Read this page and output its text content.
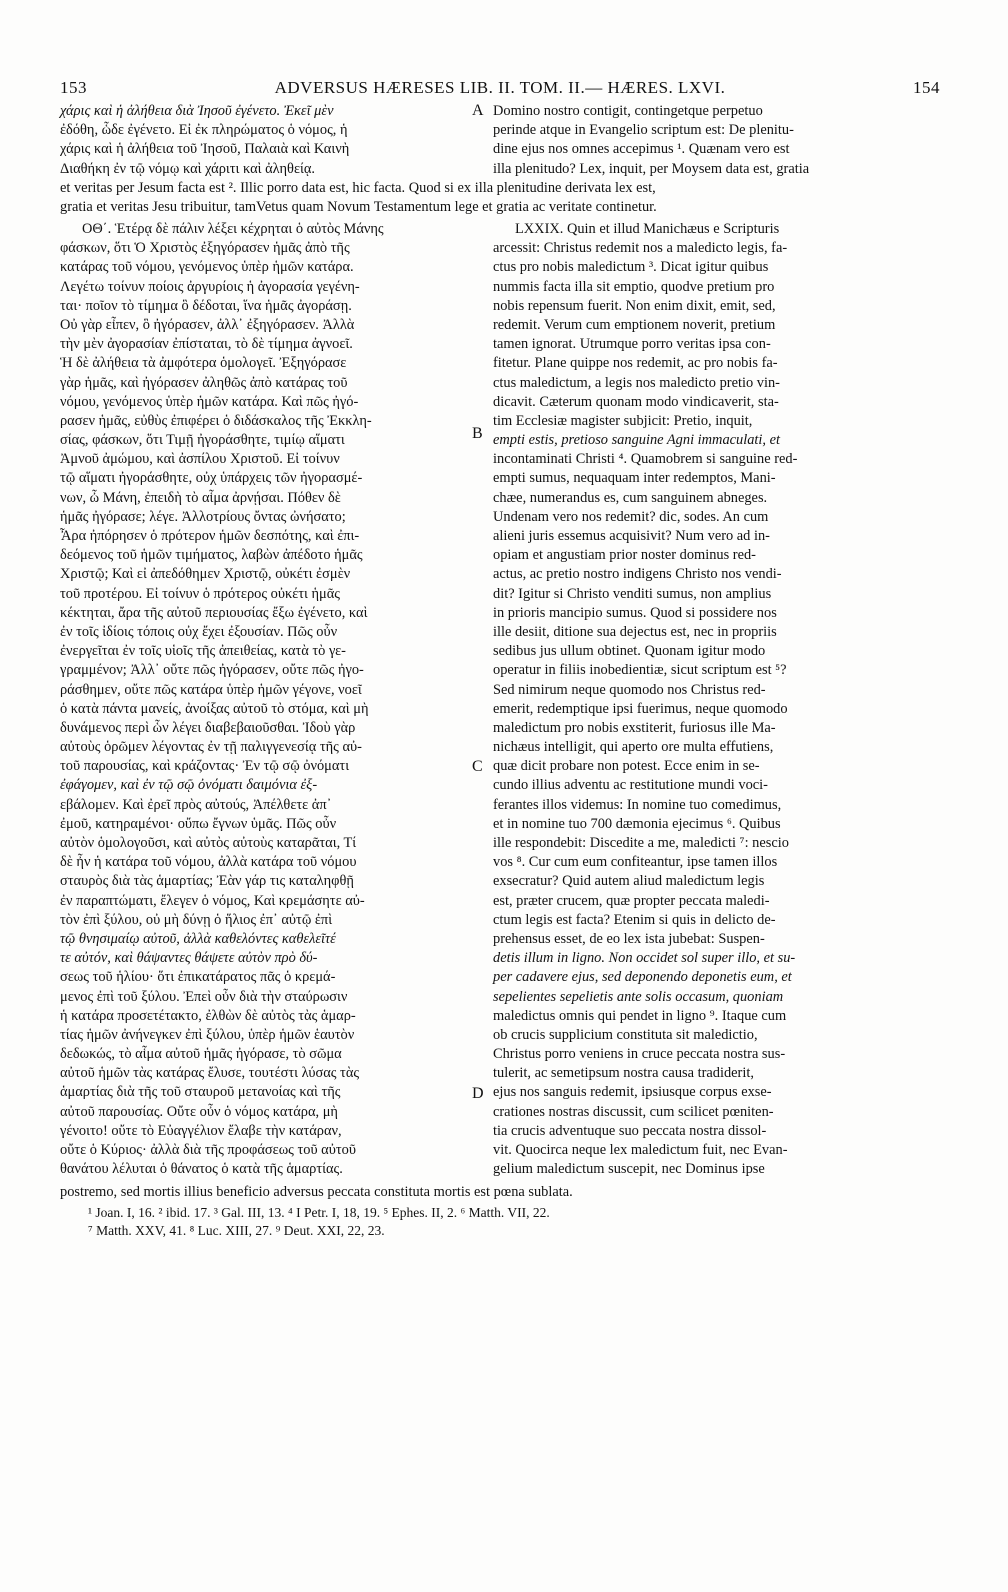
153	ADVERSUS HÆRESES LIB. II. TOM. II.— HÆRES. LXVI.	154
χάρις καὶ ἡ ἀλήθεια διὰ Ἰησοῦ ἐγένετο. Ἐκεῖ μὲν
ἐδόθη, ὧδε ἐγένετο. Εἰ ἐκ πληρώματος ὁ νόμος, ἡ
χάρις καὶ ἡ ἀλήθεια τοῦ Ἰησοῦ, Παλαιὰ καὶ Καινὴ
Διαθήκη ἐν τῷ νόμῳ καὶ χάριτι καὶ ἀληθείᾳ.
A Domino nostro contigit, contingetque perpetuo
perinde atque in Evangelio scriptum est: De plenitu-
dine ejus nos omnes accepimus ¹. Quænam vero est
illa plenitudo? Lex, inquit, per Moysem data est, gratia
et veritas per Jesum facta est ². Illic porro data est, hic facta. Quod si ex illa plenitudine derivata lex est,
gratia et veritas Jesu tribuitur, tamVetus quam Novum Testamentum lege et gratia ac veritate continetur.
ΟΘ΄. Ἑτέρᾳ δὲ πάλιν λέξει κέχρηται ὁ αὐτὸς Μάνης
φάσκων, ὅτι Ὁ Χριστὸς ἐξηγόρασεν ἡμᾶς ἀπὸ τῆς
κατάρας τοῦ νόμου, γενόμενος ὑπὲρ ἡμῶν κατάρα.
Λεγέτω τοίνυν ποίοις ἀργυρίοις ἡ ἀγορασία γεγένη-
ται· ποῖον τὸ τίμημα ὃ δέδοται, ἵνα ἡμᾶς ἀγοράσῃ.
Οὐ γὰρ εἶπεν, ὃ ἠγόρασεν, ἀλλ᾽ ἐξηγόρασεν. Ἀλλὰ
τὴν μὲν ἀγορασίαν ἐπίσταται, τὸ δὲ τίμημα ἀγνοεῖ.
Ἡ δὲ ἀλήθεια τὰ ἀμφότερα ὁμολογεῖ. Ἐξηγόρασε
γὰρ ἡμᾶς, καὶ ἠγόρασεν ἀληθῶς ἀπὸ κατάρας τοῦ
νόμου, γενόμενος ὑπὲρ ἡμῶν κατάρα. Καὶ πῶς ἠγό-
ρασεν ἡμᾶς, εὐθὺς ἐπιφέρει ὁ διδάσκαλος τῆς Ἐκκλη-
σίας, φάσκων, ὅτι Τιμῇ ἠγοράσθητε, τιμίῳ αἵματι
Ἀμνοῦ ἀμώμου, καὶ ἀσπίλου Χριστοῦ. Εἰ τοίνυν
τῷ αἵματι ἠγοράσθητε, οὐχ ὑπάρχεις τῶν ἠγορασμέ-
νων, ὦ Μάνη, ἐπειδὴ τὸ αἷμα ἀρνῄσαι. Πόθεν δὲ
ἡμᾶς ἠγόρασε; λέγε. Ἀλλοτρίους ὄντας ὠνήσατο;
Ἆρα ἠπόρησεν ὁ πρότερον ἡμῶν δεσπότης, καὶ ἐπι-
δεόμενος τοῦ ἡμῶν τιμήματος, λαβὼν ἀπέδοτο ἡμᾶς
Χριστῷ; Καὶ εἰ ἀπεδόθημεν Χριστῷ, οὐκέτι ἐσμὲν
τοῦ προτέρου. Εἰ τοίνυν ὁ πρότερος οὐκέτι ἡμᾶς
κέκτηται, ἄρα τῆς αὐτοῦ περιουσίας ἔξω ἐγένετο, καὶ
ἐν τοῖς ἰδίοις τόποις οὐχ ἔχει ἐξουσίαν. Πῶς οὖν
ἐνεργεῖται ἐν τοῖς υἱοῖς τῆς ἀπειθείας, κατὰ τὸ γε-
γραμμένον; Ἀλλ᾽ οὔτε πῶς ἠγόρασεν, οὔτε πῶς ἠγο-
ράσθημεν, οὔτε πῶς κατάρα ὑπὲρ ἡμῶν γέγονε, νοεῖ
ὁ κατὰ πάντα μανείς, ἀνοίξας αὐτοῦ τὸ στόμα, καὶ μὴ
δυνάμενος περὶ ὧν λέγει διαβεβαιοῦσθαι. Ἰδοὺ γὰρ
αὐτοὺς ὁρῶμεν λέγοντας ἐν τῇ παλιγγενεσίᾳ τῆς αὐ-
τοῦ παρουσίας, καὶ κράζοντας· Ἐν τῷ σῷ ὀνόματι
ἐφάγομεν, καὶ ἐν τῷ σῷ ὀνόματι δαιμόνια ἐξ-
εβάλομεν. Καὶ ἐρεῖ πρὸς αὐτούς, Ἀπέλθετε ἀπ᾽
ἐμοῦ, κατηραμένοι· οὔπω ἔγνων ὑμᾶς. Πῶς οὖν
αὐτὸν ὁμολογοῦσι, καὶ αὐτὸς αὐτοὺς καταρᾶται, Τί
δὲ ἦν ἡ κατάρα τοῦ νόμου, ἀλλὰ κατάρα τοῦ νόμου
σταυρὸς διὰ τὰς ἁμαρτίας; Ἐὰν γάρ τις καταληφθῇ
ἐν παραπτώματι, ἔλεγεν ὁ νόμος, Καὶ κρεμάσητε αὐ-
τὸν ἐπὶ ξύλου, οὐ μὴ δύνῃ ὁ ἥλιος ἐπ᾽ αὐτῷ ἐπὶ
τῷ θνησιμαίῳ αὐτοῦ, ἀλλὰ καθελόντες καθελεῖτέ
τε αὐτόν, καὶ θάψαντες θάψετε αὐτὸν πρὸ δύ-
σεως τοῦ ἡλίου· ὅτι ἐπικατάρατος πᾶς ὁ κρεμά-
μενος ἐπὶ τοῦ ξύλου. Ἐπεὶ οὖν διὰ τὴν σταύρωσιν
ἡ κατάρα προσετέτακτο, ἐλθὼν δὲ αὐτὸς τὰς ἁμαρ-
τίας ἡμῶν ἀνήνεγκεν ἐπὶ ξύλου, ὑπὲρ ἡμῶν ἑαυτὸν
δεδωκώς, τὸ αἷμα αὐτοῦ ἡμᾶς ἠγόρασε, τὸ σῶμα
αὐτοῦ ἡμῶν τὰς κατάρας ἔλυσε, τουτέστι λύσας τὰς
ἁμαρτίας διὰ τῆς τοῦ σταυροῦ μετανοίας καὶ τῆς
αὐτοῦ παρουσίας. Οὔτε οὖν ὁ νόμος κατάρα, μὴ
γένοιτο! οὔτε τὸ Εὐαγγέλιον ἔλαβε τὴν κατάραν,
οὔτε ὁ Κύριος· ἀλλὰ διὰ τῆς προφάσεως τοῦ αὐτοῦ
θανάτου λέλυται ὁ θάνατος ὁ κατὰ τῆς ἁμαρτίας.
B
C
D
LXXIX. Quin et illud Manichæus e Scripturis
arcessit: Christus redemit nos a maledicto legis, fa-
ctus pro nobis maledictum ³. Dicat igitur quibus
nummis facta illa sit emptio, quodve pretium pro
nobis repensum fuerit. Non enim dixit, emit, sed,
redemit. Verum cum emptionem noverit, pretium
tamen ignorat. Utrumque porro veritas ipsa con-
fitetur. Plane quippe nos redemit, ac pro nobis fa-
ctus maledictum, a legis nos maledicto pretio vin-
dicavit. Cæterum quonam modo vindicaverit, sta-
tim Ecclesiæ magister subjicit: Pretio, inquit,
empti estis, pretioso sanguine Agni immaculati, et
incontaminati Christi ⁴. Quamobrem si sanguine red-
empti sumus, nequaquam inter redemptos, Mani-
chæe, numerandus es, cum sanguinem abneges.
Undenam vero nos redemit? dic, sodes. An cum
alieni juris essemus acquisivit? Num vero ad in-
opiam et angustiam prior noster dominus red-
actus, ac pretio nostro indigens Christo nos vendi-
dit? Igitur si Christo venditi sumus, non amplius
in prioris mancipio sumus. Quod si possidere nos
ille desiit, ditione sua dejectus est, nec in propriis
sedibus jus ullum obtinet. Quonam igitur modo
operatur in filiis inobedientiæ, sicut scriptum est ⁵?
Sed nimirum neque quomodo nos Christus red-
emerit, redemptique ipsi fuerimus, neque quomodo
maledictum pro nobis exstiterit, furiosus ille Ma-
nichæus intelligit, qui aperto ore multa effutiens,
quæ dicit probare non potest. Ecce enim in se-
cundo illius adventu ac restitutione mundi voci-
ferantes illos videmus: In nomine tuo comedimus,
et in nomine tuo 700 dæmonia ejecimus ⁶. Quibus
ille respondebit: Discedite a me, maledicti ⁷: nescio
vos ⁸. Cur cum eum confiteantur, ipse tamen illos
exsecratur? Quid autem aliud maledictum legis
est, præter crucem, quæ propter peccata maledi-
ctum legis est facta? Etenim si quis in delicto de-
prehensus esset, de eo lex ista jubebat: Suspen-
detis illum in ligno. Non occidet sol super illo, et su-
per cadavere ejus, sed deponendo deponetis eum, et
sepelientes sepelietis ante solis occasum, quoniam
maledictus omnis qui pendet in ligno ⁹. Itaque cum
ob crucis supplicium constituta sit maledictio,
Christus porro veniens in cruce peccata nostra sus-
tulerit, ac semetipsum nostra causa tradiderit,
ejus nos sanguis redemit, ipsiusque corpus exse-
crationes nostras discussit, cum scilicet pœniten-
tia crucis adventuque suo peccata nostra dissol-
vit. Quocirca neque lex maledictum fuit, nec Evan-
gelium maledictum suscepit, nec Dominus ipse
postremo, sed mortis illius beneficio adversus peccata constituta mortis est pœna sublata.
¹ Joan. I, 16. ² ibid. 17. ³ Gal. III, 13. ⁴ I Petr. I, 18, 19. ⁵ Ephes. II, 2. ⁶ Matth. VII, 22.
⁷ Matth. XXV, 41. ⁸ Luc. XIII, 27. ⁹ Deut. XXI, 22, 23.
